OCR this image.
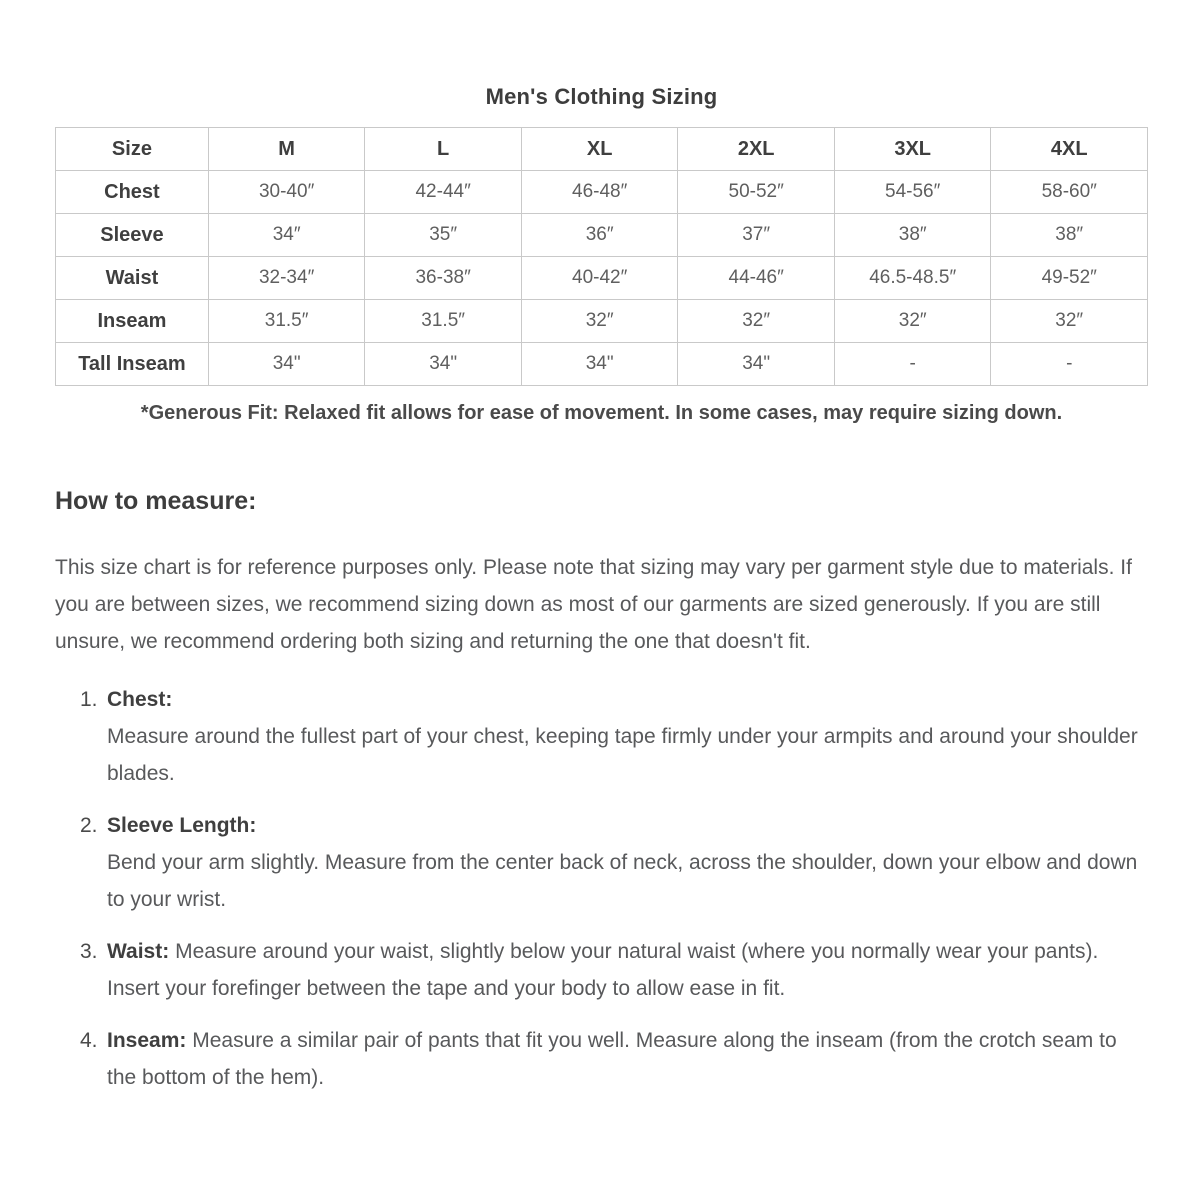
Men's Clothing Sizing
Size	M	L	XL	2XL	3XL	4XL
Chest	30-40″	42-44″	46-48″	50-52″	54-56″	58-60″
Sleeve	34″	35″	36″	37″	38″	38″
Waist	32-34″	36-38″	40-42″	44-46″	46.5-48.5″	49-52″
Inseam	31.5″	31.5″	32″	32″	32″	32″
Tall Inseam	34"	34"	34"	34"	-	-
*Generous Fit: Relaxed fit allows for ease of movement. In some cases, may require sizing down.
How to measure:

This size chart is for reference purposes only. Please note that sizing may vary per garment style due to materials. If you are between sizes, we recommend sizing down as most of our garments are sized generously. If you are still unsure, we recommend ordering both sizing and returning the one that doesn't fit.

1. Chest:
Measure around the fullest part of your chest, keeping tape firmly under your armpits and around your shoulder blades.
2. Sleeve Length:
Bend your arm slightly. Measure from the center back of neck, across the shoulder, down your elbow and down to your wrist.
3. Waist: Measure around your waist, slightly below your natural waist (where you normally wear your pants). Insert your forefinger between the tape and your body to allow ease in fit.
4. Inseam: Measure a similar pair of pants that fit you well. Measure along the inseam (from the crotch seam to the bottom of the hem).
